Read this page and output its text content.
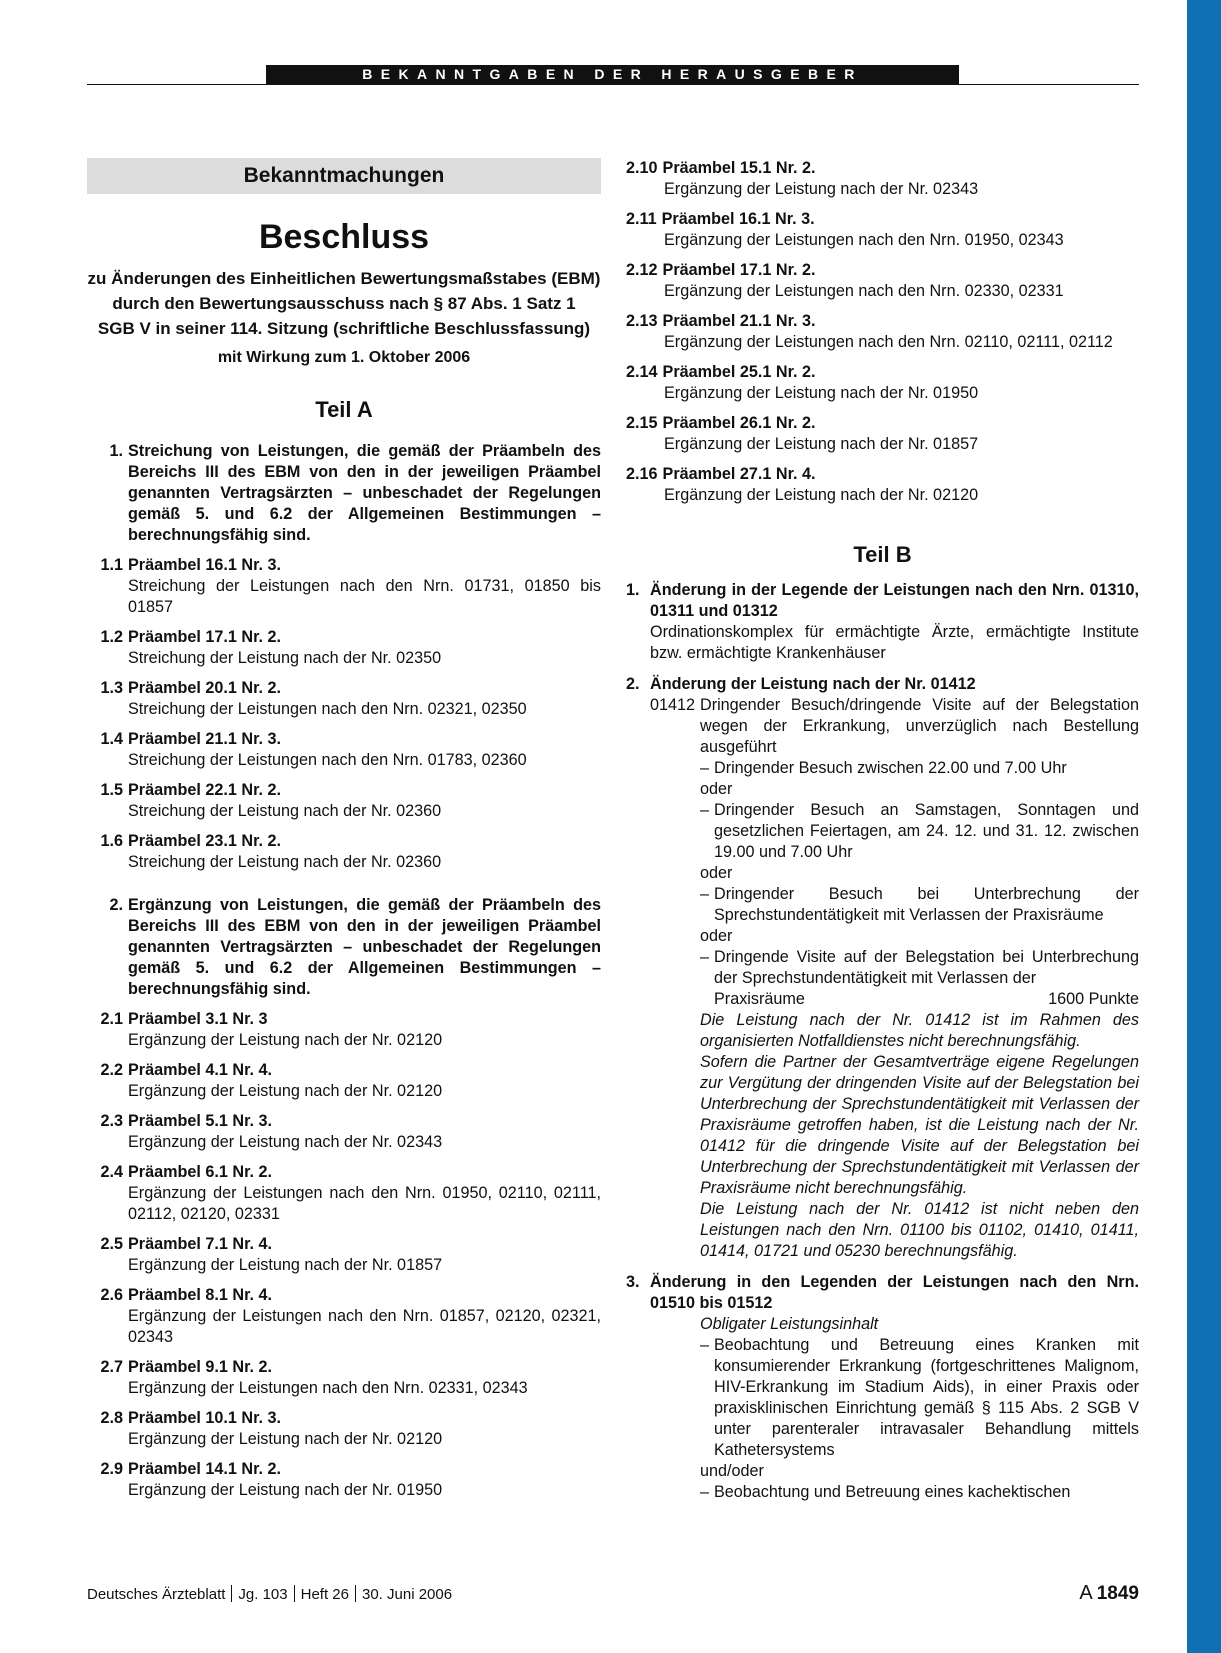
BEKANNTGABEN DER HERAUSGEBER
Bekanntmachungen
Beschluss
zu Änderungen des Einheitlichen Bewertungsmaßstabes (EBM)
durch den Bewertungsausschuss nach § 87 Abs. 1 Satz 1
SGB V in seiner 114. Sitzung (schriftliche Beschlussfassung)
mit Wirkung zum 1. Oktober 2006
Teil A
1. Streichung von Leistungen, die gemäß der Präambeln des Bereichs III des EBM von den in der jeweiligen Präambel genannten Vertragsärzten – unbeschadet der Regelungen gemäß 5. und 6.2 der Allgemeinen Bestimmungen – berechnungsfähig sind.
1.1 Präambel 16.1 Nr. 3.
Streichung der Leistungen nach den Nrn. 01731, 01850 bis 01857
1.2 Präambel 17.1 Nr. 2.
Streichung der Leistung nach der Nr. 02350
1.3 Präambel 20.1 Nr. 2.
Streichung der Leistungen nach den Nrn. 02321, 02350
1.4 Präambel 21.1 Nr. 3.
Streichung der Leistungen nach den Nrn. 01783, 02360
1.5 Präambel 22.1 Nr. 2.
Streichung der Leistung nach der Nr. 02360
1.6 Präambel 23.1 Nr. 2.
Streichung der Leistung nach der Nr. 02360
2. Ergänzung von Leistungen, die gemäß der Präambeln des Bereichs III des EBM von den in der jeweiligen Präambel genannten Vertragsärzten – unbeschadet der Regelungen gemäß 5. und 6.2 der Allgemeinen Bestimmungen – berechnungsfähig sind.
2.1 Präambel 3.1 Nr. 3
Ergänzung der Leistung nach der Nr. 02120
2.2 Präambel 4.1 Nr. 4.
Ergänzung der Leistung nach der Nr. 02120
2.3 Präambel 5.1 Nr. 3.
Ergänzung der Leistung nach der Nr. 02343
2.4 Präambel 6.1 Nr. 2.
Ergänzung der Leistungen nach den Nrn. 01950, 02110, 02111, 02112, 02120, 02331
2.5 Präambel 7.1 Nr. 4.
Ergänzung der Leistung nach der Nr. 01857
2.6 Präambel 8.1 Nr. 4.
Ergänzung der Leistungen nach den Nrn. 01857, 02120, 02321, 02343
2.7 Präambel 9.1 Nr. 2.
Ergänzung der Leistungen nach den Nrn. 02331, 02343
2.8 Präambel 10.1 Nr. 3.
Ergänzung der Leistung nach der Nr. 02120
2.9 Präambel 14.1 Nr. 2.
Ergänzung der Leistung nach der Nr. 01950
2.10 Präambel 15.1 Nr. 2.
Ergänzung der Leistung nach der Nr. 02343
2.11 Präambel 16.1 Nr. 3.
Ergänzung der Leistungen nach den Nrn. 01950, 02343
2.12 Präambel 17.1 Nr. 2.
Ergänzung der Leistungen nach den Nrn. 02330, 02331
2.13 Präambel 21.1 Nr. 3.
Ergänzung der Leistungen nach den Nrn. 02110, 02111, 02112
2.14 Präambel 25.1 Nr. 2.
Ergänzung der Leistung nach der Nr. 01950
2.15 Präambel 26.1 Nr. 2.
Ergänzung der Leistung nach der Nr. 01857
2.16 Präambel 27.1 Nr. 4.
Ergänzung der Leistung nach der Nr. 02120
Teil B
1. Änderung in der Legende der Leistungen nach den Nrn. 01310, 01311 und 01312
Ordinationskomplex für ermächtigte Ärzte, ermächtigte Institute bzw. ermächtigte Krankenhäuser
2. Änderung der Leistung nach der Nr. 01412
01412 Dringender Besuch/dringende Visite auf der Belegstation wegen der Erkrankung, unverzüglich nach Bestellung ausgeführt
– Dringender Besuch zwischen 22.00 und 7.00 Uhr
oder
– Dringender Besuch an Samstagen, Sonntagen und gesetzlichen Feiertagen, am 24. 12. und 31. 12. zwischen 19.00 und 7.00 Uhr
oder
– Dringender Besuch bei Unterbrechung der Sprechstundentätigkeit mit Verlassen der Praxisräume
oder
– Dringende Visite auf der Belegstation bei Unterbrechung der Sprechstundentätigkeit mit Verlassen der
Praxisräume	1600 Punkte
Die Leistung nach der Nr. 01412 ist im Rahmen des organisierten Notfalldienstes nicht berechnungsfähig.
Sofern die Partner der Gesamtverträge eigene Regelungen zur Vergütung der dringenden Visite auf der Belegstation bei Unterbrechung der Sprechstundentätigkeit mit Verlassen der Praxisräume getroffen haben, ist die Leistung nach der Nr. 01412 für die dringende Visite auf der Belegstation bei Unterbrechung der Sprechstundentätigkeit mit Verlassen der Praxisräume nicht berechnungsfähig.
Die Leistung nach der Nr. 01412 ist nicht neben den Leistungen nach den Nrn. 01100 bis 01102, 01410, 01411, 01414, 01721 und 05230 berechnungsfähig.
3. Änderung in den Legenden der Leistungen nach den Nrn. 01510 bis 01512
Obligater Leistungsinhalt
– Beobachtung und Betreuung eines Kranken mit konsumierender Erkrankung (fortgeschrittenes Malignom, HIV-Erkrankung im Stadium Aids), in einer Praxis oder praxisklinischen Einrichtung gemäß § 115 Abs. 2 SGB V unter parenteraler intravasaler Behandlung mittels Kathetersystems
und/oder
– Beobachtung und Betreuung eines kachektischen
Deutsches Ärzteblatt Jg. 103 Heft 26 30. Juni 2006	A 1849
